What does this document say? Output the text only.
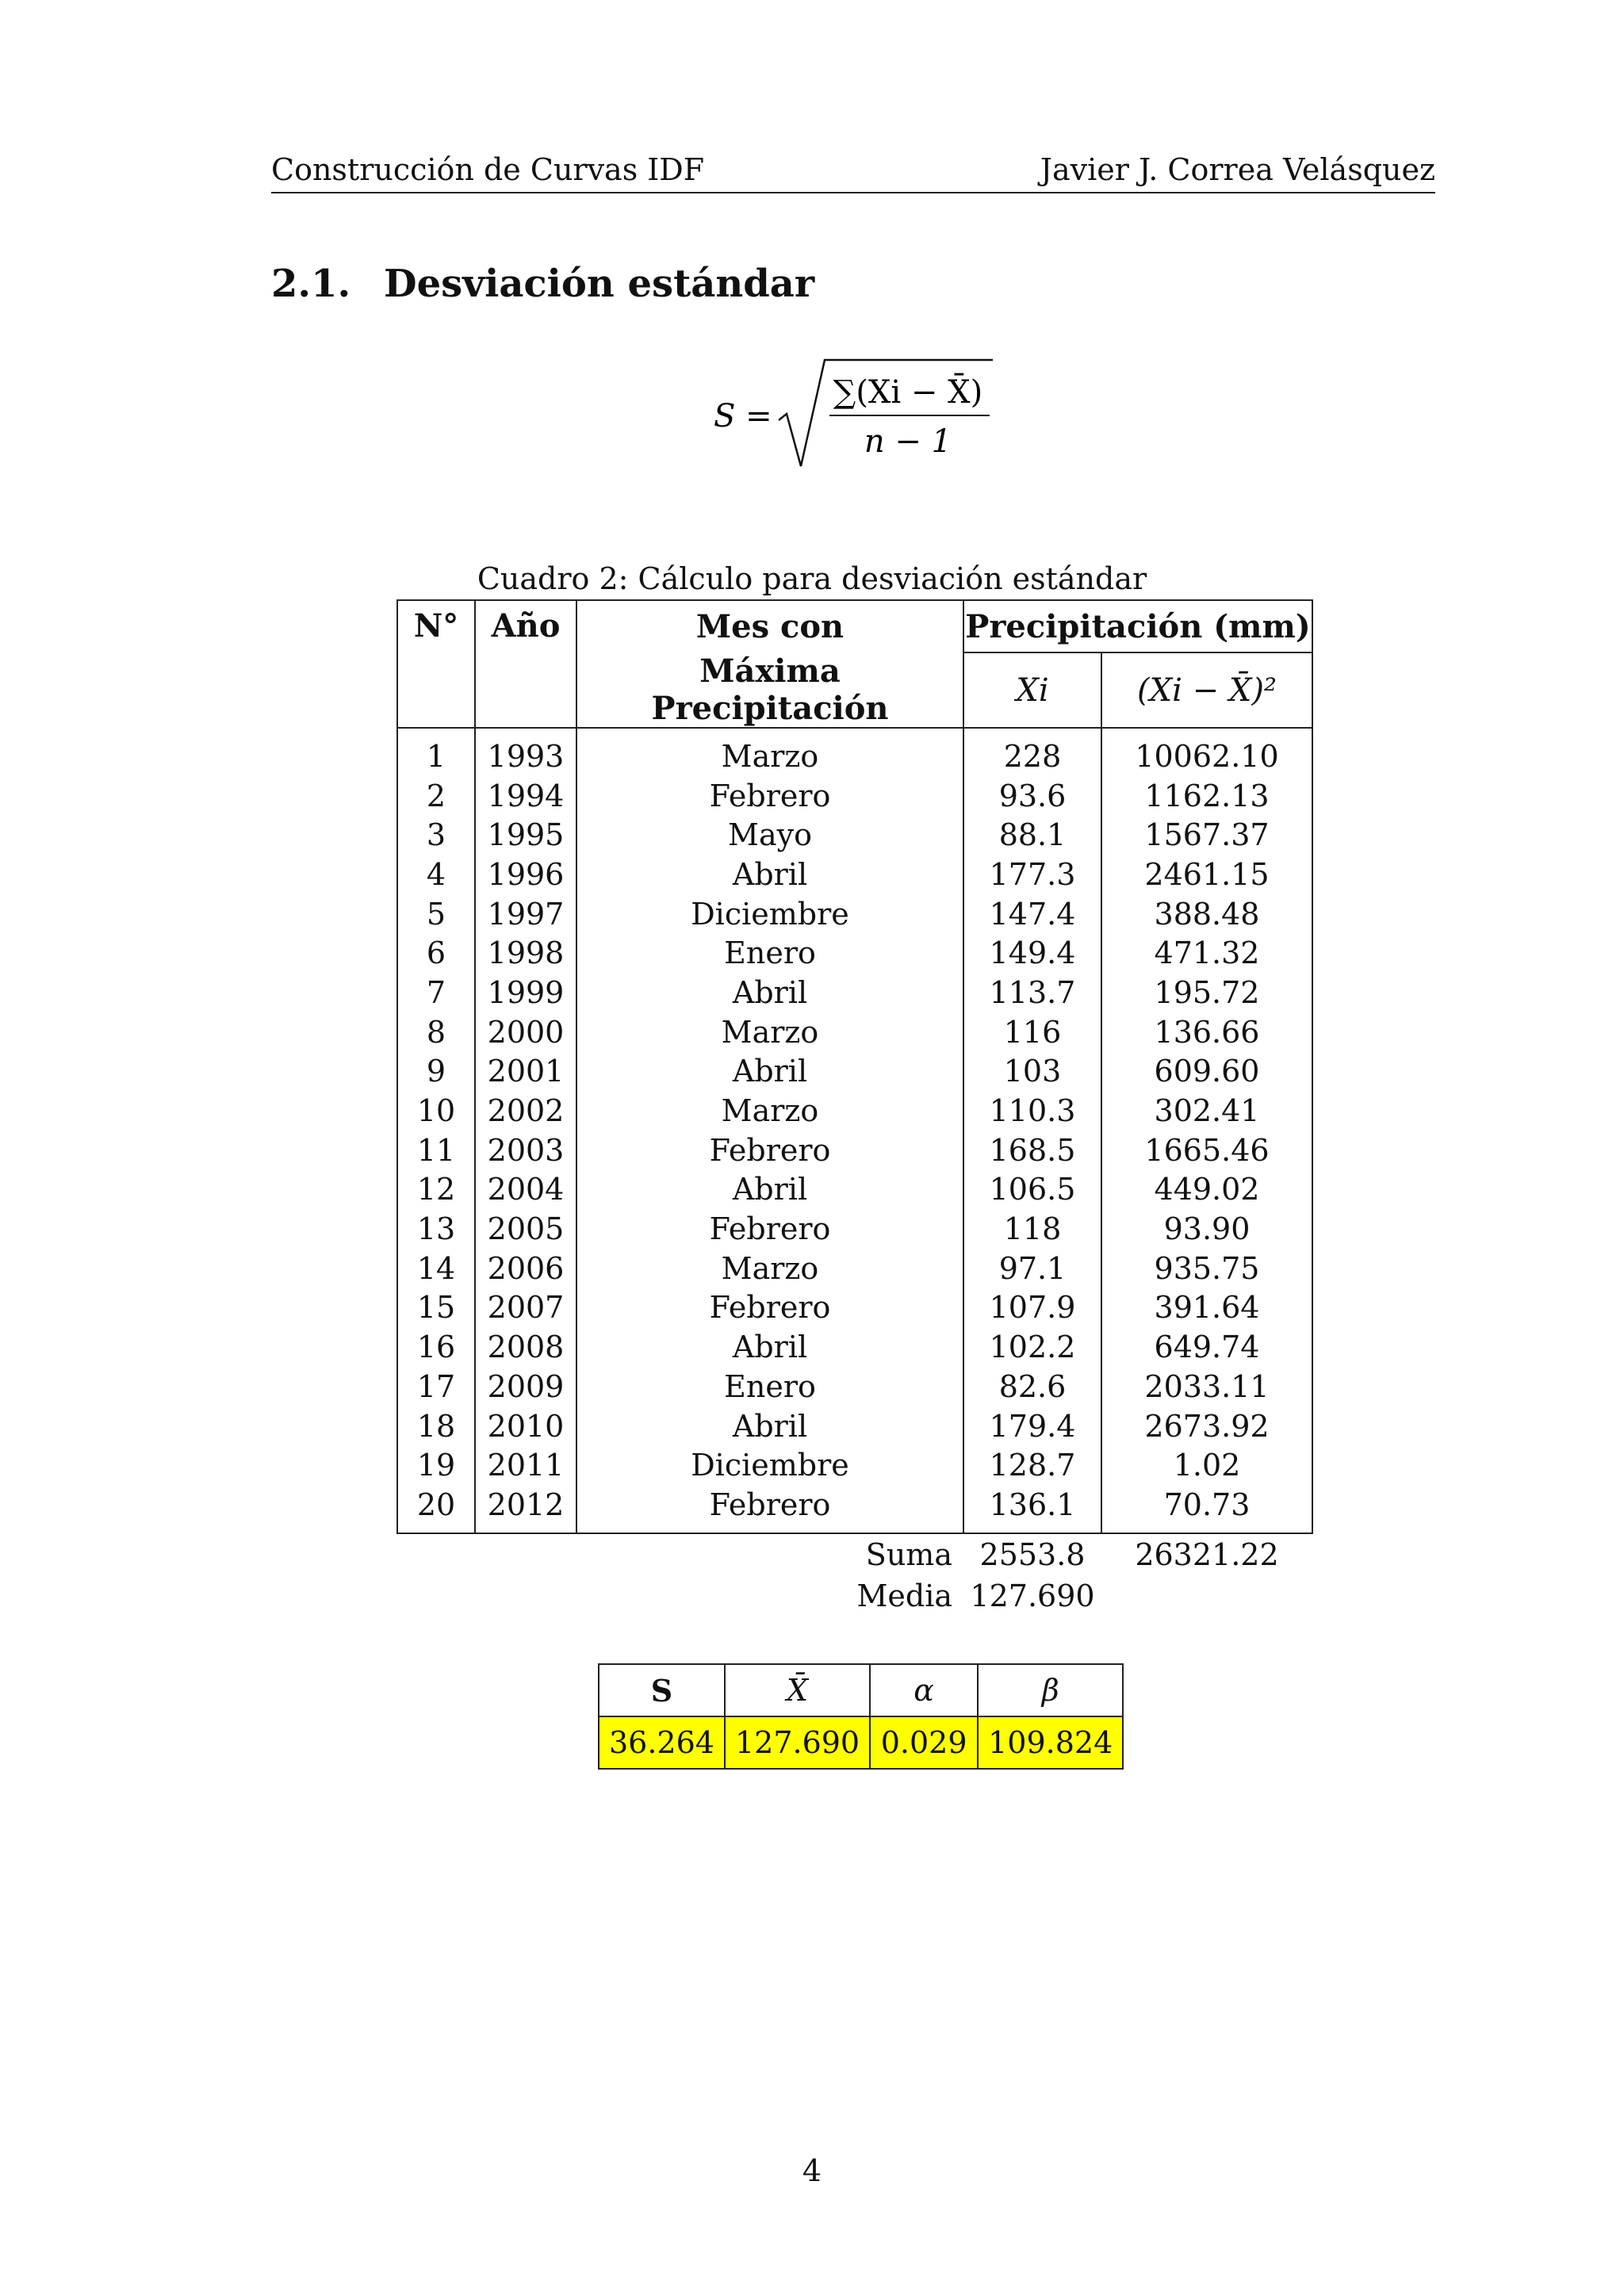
Construcción de Curvas IDF	Javier J. Correa Velásquez
2.1. Desviación estándar
S =
∑(Xi − X̄)
n − 1
Cuadro 2: Cálculo para desviación estándar
N°	Año	Mes con	Precipitación (mm)	
		Máxima Precipitación	Xi	(Xi − X̄)²
1	1993	Marzo	228	10062.10
2	1994	Febrero	93.6	1162.13
3	1995	Mayo	88.1	1567.37
4	1996	Abril	177.3	2461.15
5	1997	Diciembre	147.4	388.48
6	1998	Enero	149.4	471.32
7	1999	Abril	113.7	195.72
8	2000	Marzo	116	136.66
9	2001	Abril	103	609.60
10	2002	Marzo	110.3	302.41
11	2003	Febrero	168.5	1665.46
12	2004	Abril	106.5	449.02
13	2005	Febrero	118	93.90
14	2006	Marzo	97.1	935.75
15	2007	Febrero	107.9	391.64
16	2008	Abril	102.2	649.74
17	2009	Enero	82.6	2033.11
18	2010	Abril	179.4	2673.92
19	2011	Diciembre	128.7	1.02
20	2012	Febrero	136.1	70.73
		Suma	2553.8	26321.22
		Media	127.690	
S	X̄	α	β
36.264	127.690	0.029	109.824
4
